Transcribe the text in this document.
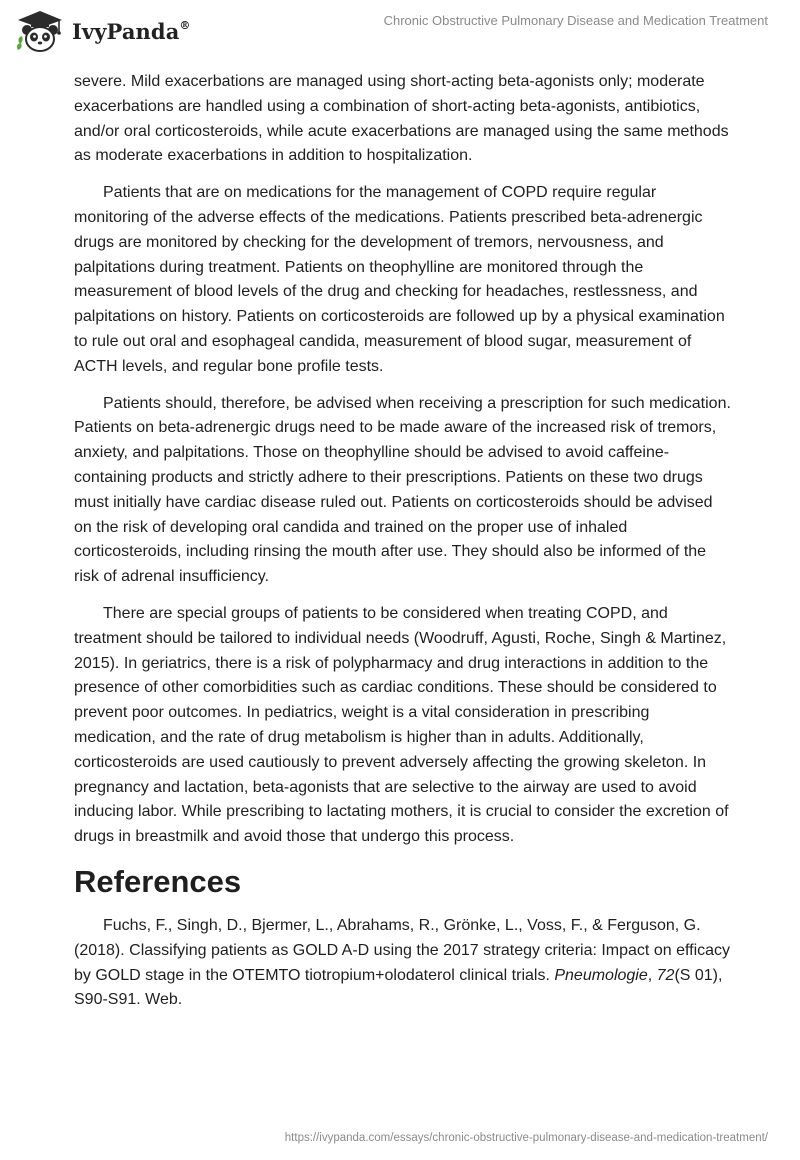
IvyPanda®	Chronic Obstructive Pulmonary Disease and Medication Treatment

severe. Mild exacerbations are managed using short-acting beta-agonists only; moderate exacerbations are handled using a combination of short-acting beta-agonists, antibiotics, and/or oral corticosteroids, while acute exacerbations are managed using the same methods as moderate exacerbations in addition to hospitalization.

Patients that are on medications for the management of COPD require regular monitoring of the adverse effects of the medications. Patients prescribed beta-adrenergic drugs are monitored by checking for the development of tremors, nervousness, and palpitations during treatment. Patients on theophylline are monitored through the measurement of blood levels of the drug and checking for headaches, restlessness, and palpitations on history. Patients on corticosteroids are followed up by a physical examination to rule out oral and esophageal candida, measurement of blood sugar, measurement of ACTH levels, and regular bone profile tests.

Patients should, therefore, be advised when receiving a prescription for such medication. Patients on beta-adrenergic drugs need to be made aware of the increased risk of tremors, anxiety, and palpitations. Those on theophylline should be advised to avoid caffeine-containing products and strictly adhere to their prescriptions. Patients on these two drugs must initially have cardiac disease ruled out. Patients on corticosteroids should be advised on the risk of developing oral candida and trained on the proper use of inhaled corticosteroids, including rinsing the mouth after use. They should also be informed of the risk of adrenal insufficiency.

There are special groups of patients to be considered when treating COPD, and treatment should be tailored to individual needs (Woodruff, Agusti, Roche, Singh & Martinez, 2015). In geriatrics, there is a risk of polypharmacy and drug interactions in addition to the presence of other comorbidities such as cardiac conditions. These should be considered to prevent poor outcomes. In pediatrics, weight is a vital consideration in prescribing medication, and the rate of drug metabolism is higher than in adults. Additionally, corticosteroids are used cautiously to prevent adversely affecting the growing skeleton. In pregnancy and lactation, beta-agonists that are selective to the airway are used to avoid inducing labor. While prescribing to lactating mothers, it is crucial to consider the excretion of drugs in breastmilk and avoid those that undergo this process.

References

Fuchs, F., Singh, D., Bjermer, L., Abrahams, R., Grönke, L., Voss, F., & Ferguson, G. (2018). Classifying patients as GOLD A-D using the 2017 strategy criteria: Impact on efficacy by GOLD stage in the OTEMTO tiotropium+olodaterol clinical trials. Pneumologie, 72(S 01), S90-S91. Web.

https://ivypanda.com/essays/chronic-obstructive-pulmonary-disease-and-medication-treatment/
